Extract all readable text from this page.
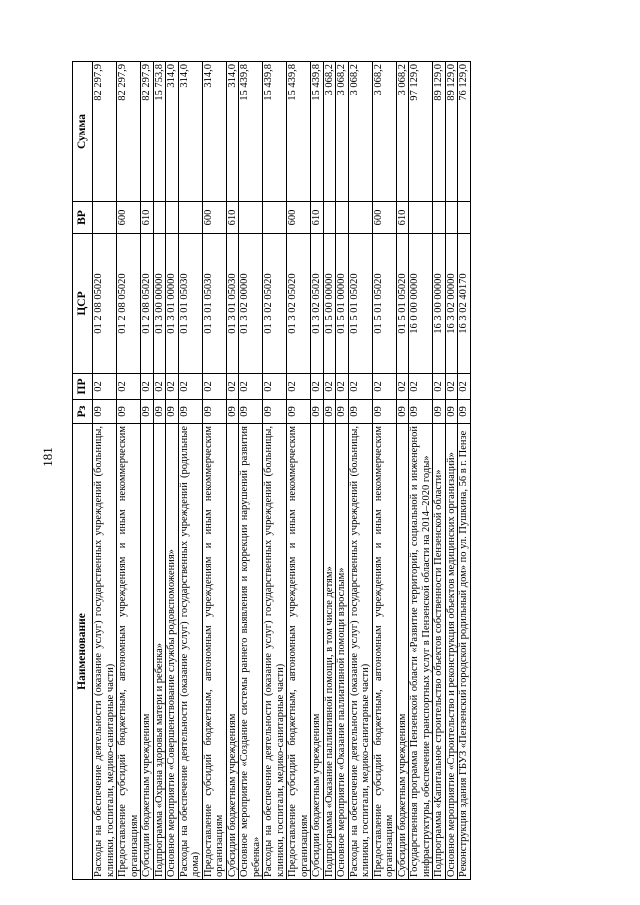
181
Наименование	Рз	ПР	ЦСР	ВР	Сумма
Расходы на обеспечение деятельности (оказание услуг) государственных учреждений (больницы, клиники, госпитали, медико-санитарные части)	09	02	01 2 08 05020		82 297,9
Предоставление субсидий бюджетным, автономным учреждениям и иным некоммерческим организациям	09	02	01 2 08 05020	600	82 297,9
Субсидии бюджетным учреждениям	09	02	01 2 08 05020	610	82 297,9
Подпрограмма «Охрана здоровья матери и ребенка»	09	02	01 3 00 00000		15 753,8
Основное мероприятие «Совершенствование службы родовспоможения»	09	02	01 3 01 00000		314,0
Расходы на обеспечение деятельности (оказание услуг) государственных учреждений (родильные дома)	09	02	01 3 01 05030		314,0
Предоставление субсидий бюджетным, автономным учреждениям и иным некоммерческим организациям	09	02	01 3 01 05030	600	314,0
Субсидии бюджетным учреждениям	09	02	01 3 01 05030	610	314,0
Основное мероприятие «Создание системы раннего выявления и коррекции нарушений развития ребенка»	09	02	01 3 02 00000		15 439,8
Расходы на обеспечение деятельности (оказание услуг) государственных учреждений (больницы, клиники, госпитали, медико-санитарные части)	09	02	01 3 02 05020		15 439,8
Предоставление субсидий бюджетным, автономным учреждениям и иным некоммерческим организациям	09	02	01 3 02 05020	600	15 439,8
Субсидии бюджетным учреждениям	09	02	01 3 02 05020	610	15 439,8
Подпрограмма «Оказание паллиативной помощи, в том числе детям»	09	02	01 5 00 00000		3 068,2
Основное мероприятие «Оказание паллиативной помощи взрослым»	09	02	01 5 01 00000		3 068,2
Расходы на обеспечение деятельности (оказание услуг) государственных учреждений (больницы, клиники, госпитали, медико-санитарные части)	09	02	01 5 01 05020		3 068,2
Предоставление субсидий бюджетным, автономным учреждениям и иным некоммерческим организациям	09	02	01 5 01 05020	600	3 068,2
Субсидии бюджетным учреждениям	09	02	01 5 01 05020	610	3 068,2
Государственная программа Пензенской области «Развитие территорий, социальной и инженерной инфраструктуры, обеспечение транспортных услуг в Пензенской области на 2014–2020 годы»	09	02	16 0 00 00000		97 129,0
Подпрограмма «Капитальное строительство объектов собственности Пензенской области»	09	02	16 3 00 00000		89 129,0
Основное мероприятие «Строительство и реконструкция объектов медицинских организаций»	09	02	16 3 02 00000		89 129,0
Реконструкция здания ГБУЗ «Пензенский городской родильный дом» по ул. Пушкина, 56 в г. Пензе	09	02	16 3 02 40170		76 129,0
